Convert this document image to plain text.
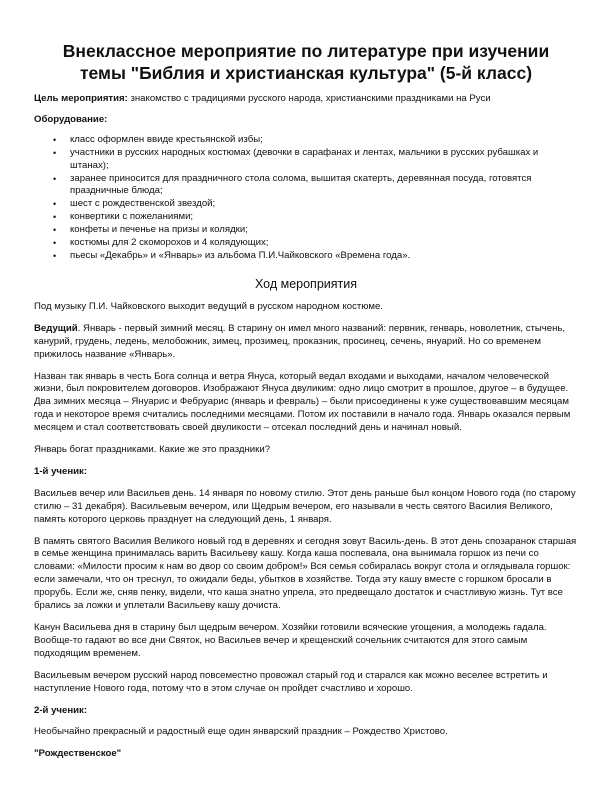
Внеклассное мероприятие по литературе при изучении
темы "Библия и христианская культура" (5-й класс)

Цель мероприятия: знакомство с традициями русского народа, христианскими праздниками на Руси

Оборудование:

• класс оформлен ввиде крестьянской избы;
• участники в русских народных костюмах (девочки в сарафанах и лентах, мальчики в русских рубашках и штанах);
• заранее приносится для праздничного стола солома, вышитая скатерть, деревянная посуда, готовятся праздничные блюда;
• шест с рождественской звездой;
• конвертики с пожеланиями;
• конфеты и печенье на призы и колядки;
• костюмы для 2 скоморохов и 4 колядующих;
• пьесы «Декабрь» и «Январь» из альбома П.И.Чайковского «Времена года».
Ход мероприятия

Под музыку П.И. Чайковского выходит ведущий в русском народном костюме.

Ведущий. Январь - первый зимний месяц. В старину он имел много названий: первник, генварь, новолетник, стычень, канурий, грудень, ледень, мелобожник, зимец, прозимец, проказник, просинец, сечень, януарий. Но со временем прижилось название «Январь».

Назван так январь в честь Бога солнца и ветра Януса, который ведал входами и выходами, началом человеческой жизни, был покровителем договоров. Изображают Януса двуликим: одно лицо смотрит в прошлое, другое – в будущее. Два зимних месяца – Януарис и Фебруарис (январь и февраль) – были присоединены к уже существовавшим месяцам года и некоторое время считались последними месяцами. Потом их поставили в начало года. Январь оказался первым месяцем и стал соответствовать своей двуликости – отсекал последний день и начинал новый.

Январь богат праздниками. Какие же это праздники?

1-й ученик:

Васильев вечер или Васильев день. 14 января по новому стилю. Этот день раньше был концом Нового года (по старому стилю – 31 декабря). Васильевым вечером, или Щедрым вечером, его называли в честь святого Василия Великого, память которого церковь празднует на следующий день, 1 января.

В память святого Василия Великого новый год в деревнях и сегодня зовут Василь-день. В этот день спозаранок старшая в семье женщина принималась варить Васильеву кашу. Когда каша поспевала, она вынимала горшок из печи со словами: «Милости просим к нам во двор со своим добром!» Вся семья собиралась вокруг стола и оглядывала горшок: если замечали, что он треснул, то ожидали беды, убытков в хозяйстве. Тогда эту кашу вместе с горшком бросали в прорубь. Если же, сняв пенку, видели, что каша знатно упрела, это предвещало достаток и счастливую жизнь. Тут все брались за ложки и уплетали Васильеву кашу дочиста.

Канун Васильева дня в старину был щедрым вечером. Хозяйки готовили всяческие угощения, а молодежь гадала. Вообще-то гадают во все дни Святок, но Васильев вечер и крещенский сочельник считаются для этого самым подходящим временем.

Васильевым вечером русский народ повсеместно провожал старый год и старался как можно веселее встретить и наступление Нового года, потому что в этом случае он пройдет счастливо и хорошо.

2-й ученик:

Необычайно прекрасный и радостный еще один январский праздник – Рождество Христово.

"Рождественское"
